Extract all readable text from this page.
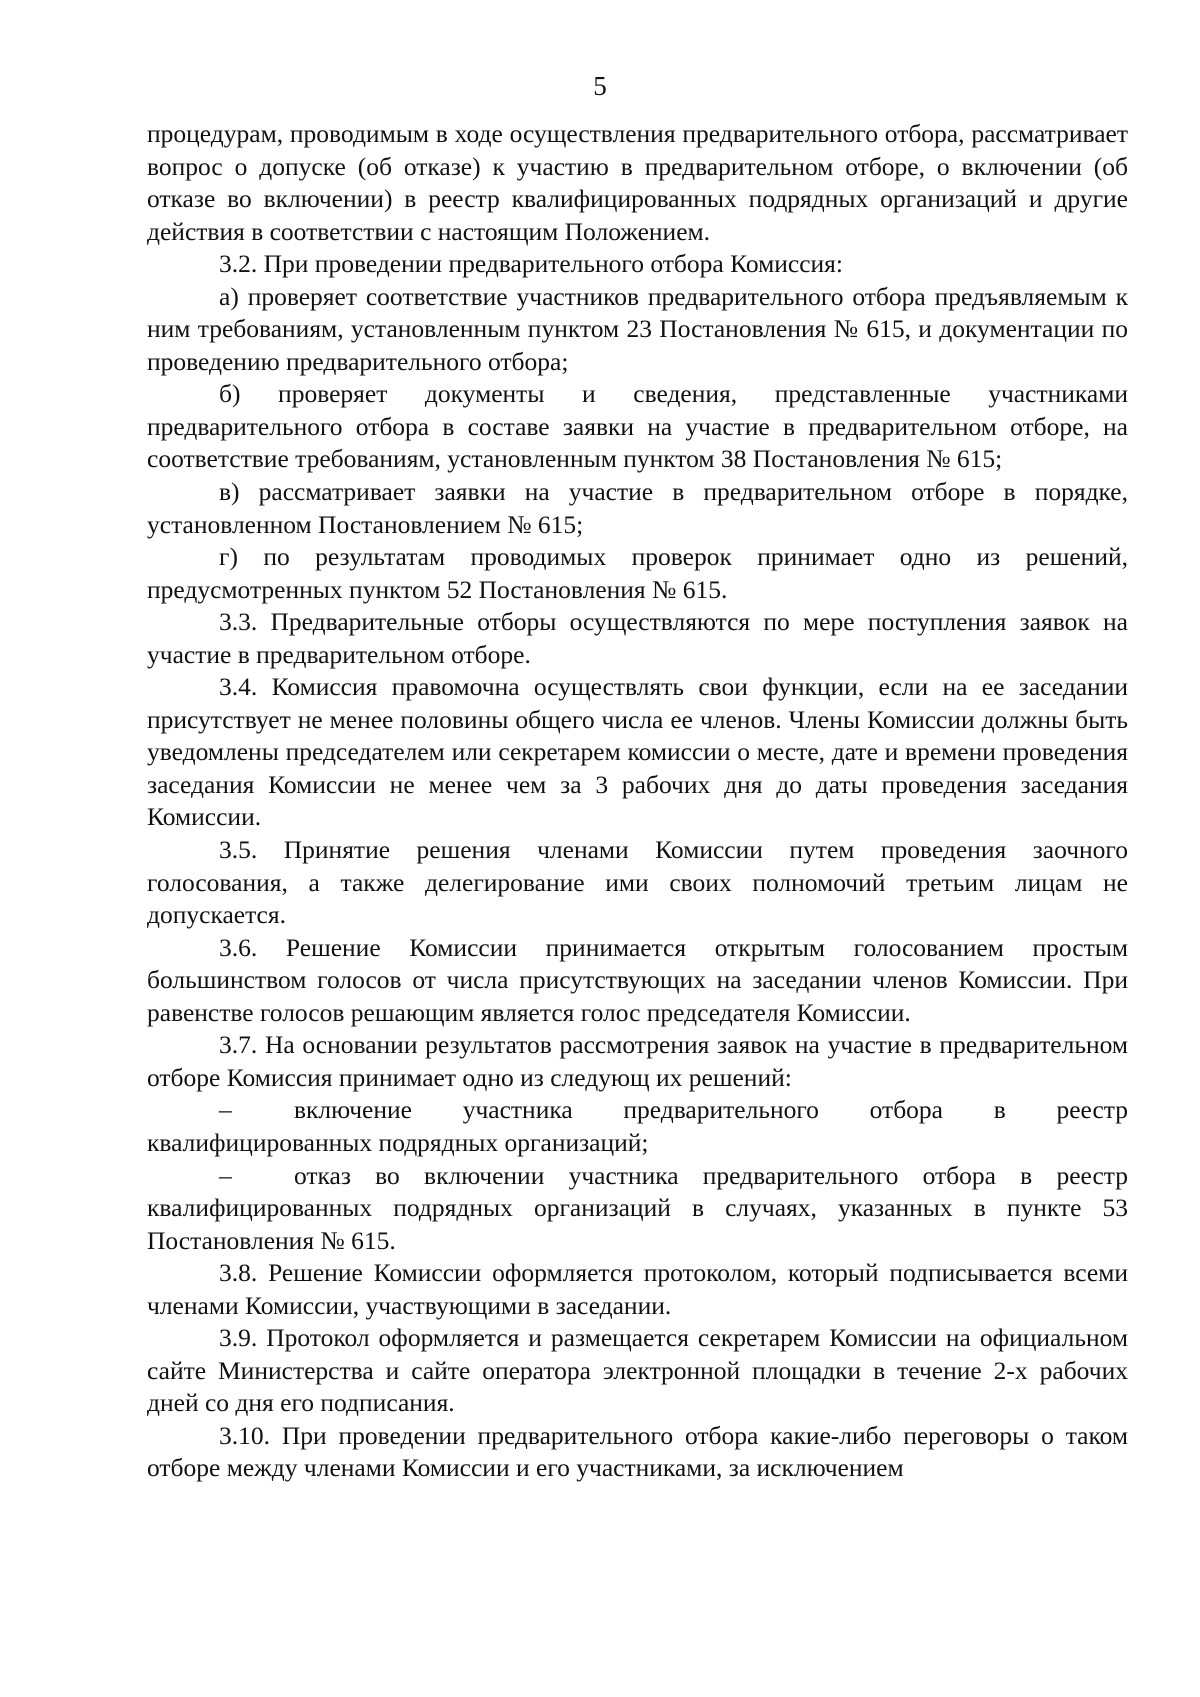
5

процедурам, проводимым в ходе осуществления предварительного отбора, рассматривает вопрос о допуске (об отказе) к участию в предварительном отборе, о включении (об отказе во включении) в реестр квалифицированных подрядных организаций и другие действия в соответствии с настоящим Положением.

3.2. При проведении предварительного отбора Комиссия:

а) проверяет соответствие участников предварительного отбора предъявляемым к ним требованиям, установленным пунктом 23 Постановления № 615, и документации по проведению предварительного отбора;

б) проверяет документы и сведения, представленные участниками предварительного отбора в составе заявки на участие в предварительном отборе, на соответствие требованиям, установленным пунктом 38 Постановления № 615;

в) рассматривает заявки на участие в предварительном отборе в порядке, установленном Постановлением № 615;

г) по результатам проводимых проверок принимает одно из решений, предусмотренных пунктом 52 Постановления № 615.

3.3. Предварительные отборы осуществляются по мере поступления заявок на участие в предварительном отборе.

3.4. Комиссия правомочна осуществлять свои функции, если на ее заседании присутствует не менее половины общего числа ее членов. Члены Комиссии должны быть уведомлены председателем или секретарем комиссии о месте, дате и времени проведения заседания Комиссии не менее чем за 3 рабочих дня до даты проведения заседания Комиссии.

3.5. Принятие решения членами Комиссии путем проведения заочного голосования, а также делегирование ими своих полномочий третьим лицам не допускается.

3.6. Решение Комиссии принимается открытым голосованием простым большинством голосов от числа присутствующих на заседании членов Комиссии. При равенстве голосов решающим является голос председателя Комиссии.

3.7. На основании результатов рассмотрения заявок на участие в предварительном отборе Комиссия принимает одно из следующ их решений:

– включение участника предварительного отбора в реестр квалифицированных подрядных организаций;

– отказ во включении участника предварительного отбора в реестр квалифицированных подрядных организаций в случаях, указанных в пункте 53 Постановления № 615.

3.8. Решение Комиссии оформляется протоколом, который подписывается всеми членами Комиссии, участвующими в заседании.

3.9. Протокол оформляется и размещается секретарем Комиссии на официальном сайте Министерства и сайте оператора электронной площадки в течение 2-х рабочих дней со дня его подписания.

3.10. При проведении предварительного отбора какие-либо переговоры о таком отборе между членами Комиссии и его участниками, за исключением
